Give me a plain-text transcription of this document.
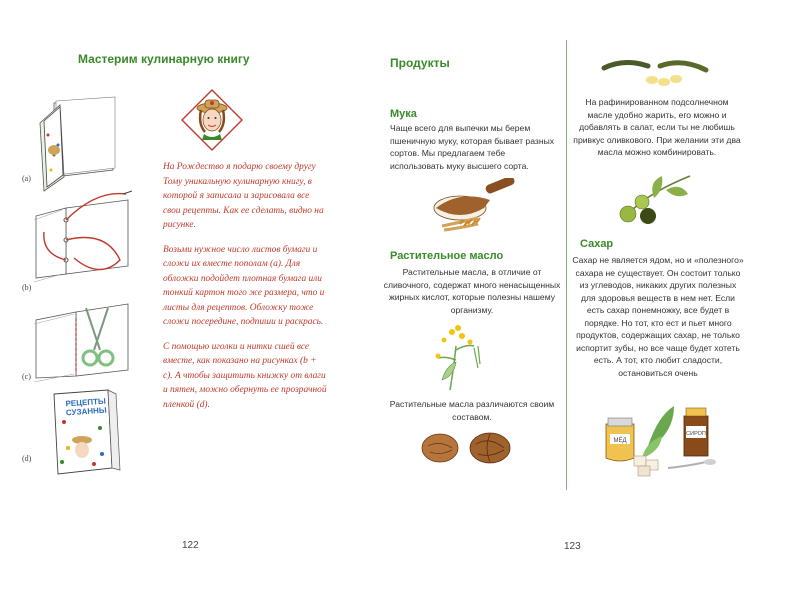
Мастерим кулинарную книгу
(a)
(b)
(c)
РЕЦЕПТЫ СУЗАННЫ
(d)

На Рождество я подарю своему другу Тому уникальную кулинарную книгу, в которой я записала и зарисовала все свои рецепты. Как ее сделать, видно на рисунке.

Возьми нужное число листов бумаги и сложи их вместе пополам (a). Для обложки подойдет плотная бумага или тонкий картон того же размера, что и листы для рецептов. Обложку тоже сложи посередине, подпиши и раскрась.

С помощью иголки и нитки сшей все вместе, как показано на рисунках (b + c). А чтобы защитить книжку от влаги и пятен, можно обернуть ее прозрачной пленкой (d).

122
Продукты
Мука
Чаще всего для выпечки мы берем пшеничную муку, которая бывает разных сортов. Мы предлагаем тебе использовать муку высшего сорта.
Растительное масло
Растительные масла, в отличие от сливочного, содержат много ненасыщенных жирных кислот, которые полезны нашему организму.
Растительные масла различаются своим составом.
На рафинированном подсолнечном масле удобно жарить, его можно и добавлять в салат, если ты не любишь привкус оливкового. При желании эти два масла можно комбинировать.
Сахар
Сахар не является ядом, но и «полезного» сахара не существует. Он состоит только из углеводов, никаких других полезных для здоровья веществ в нем нет. Если есть сахар понемножку, все будет в порядке. Но тот, кто ест и пьет много продуктов, содержащих сахар, не только испортит зубы, но все чаще будет хотеть есть. А тот, кто любит сладости, остановиться очень
МЁД
СИРОП
123
